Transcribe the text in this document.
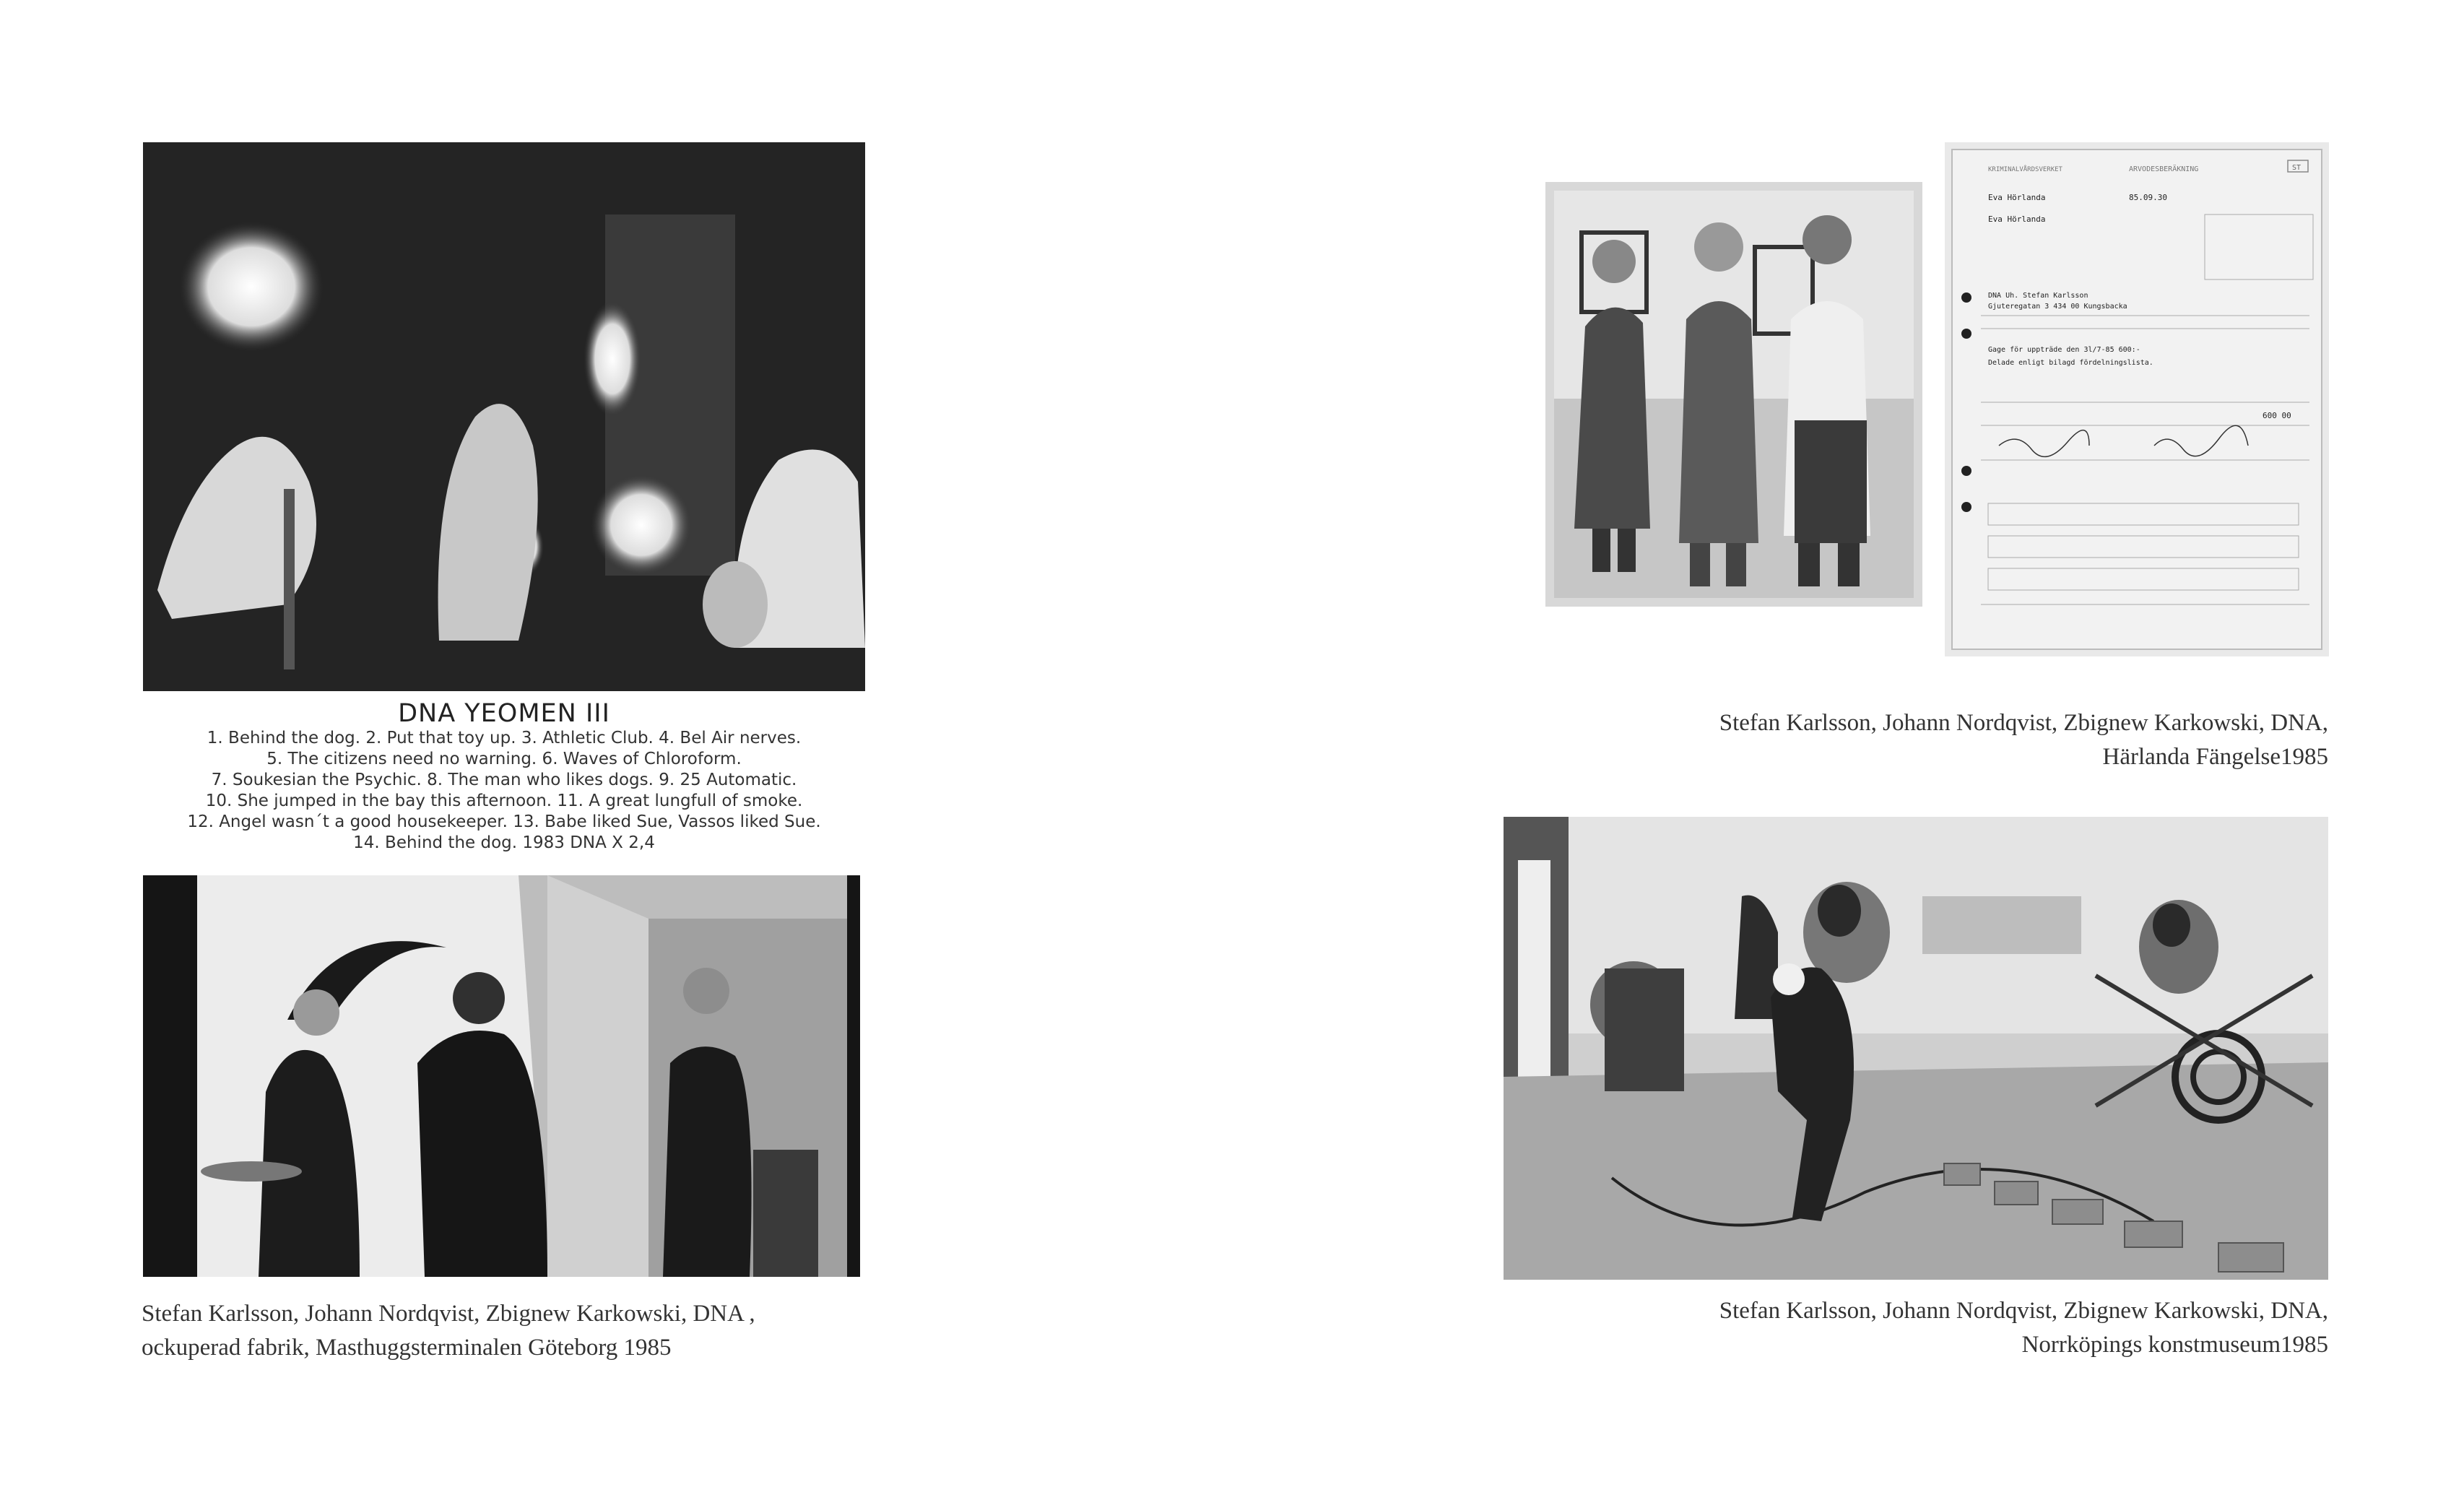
DNA YEOMEN III
1. Behind the dog. 2. Put that toy up. 3. Athletic Club. 4. Bel Air nerves.
5. The citizens need no warning. 6. Waves of Chloroform.
7. Soukesian the Psychic. 8. The man who likes dogs. 9. 25 Automatic.
10. She jumped in the bay this afternoon. 11. A great lungfull of smoke.
12. Angel wasn´t a good housekeeper. 13. Babe liked Sue, Vassos liked Sue.
14. Behind the dog. 1983 DNA X 2,4
Stefan Karlsson, Johann Nordqvist, Zbignew Karkowski, DNA ,
ockuperad fabrik, Masthuggsterminalen Göteborg 1985
KRIMINALVÅRDSVERKET	ARVODESBERÄKNING	ST
Eva Hörlanda	85.09.30
Eva Hörlanda
DNA Uh. Stefan Karlsson
Gjuteregatan 3 434 00 Kungsbacka
Gage för uppträde den 3l/7-85 600:-
Delade enligt bilagd fördelningslista.
600 00
Stefan Karlsson, Johann Nordqvist, Zbignew Karkowski, DNA,
Härlanda Fängelse1985
Stefan Karlsson, Johann Nordqvist, Zbignew Karkowski, DNA,
Norrköpings konstmuseum1985
